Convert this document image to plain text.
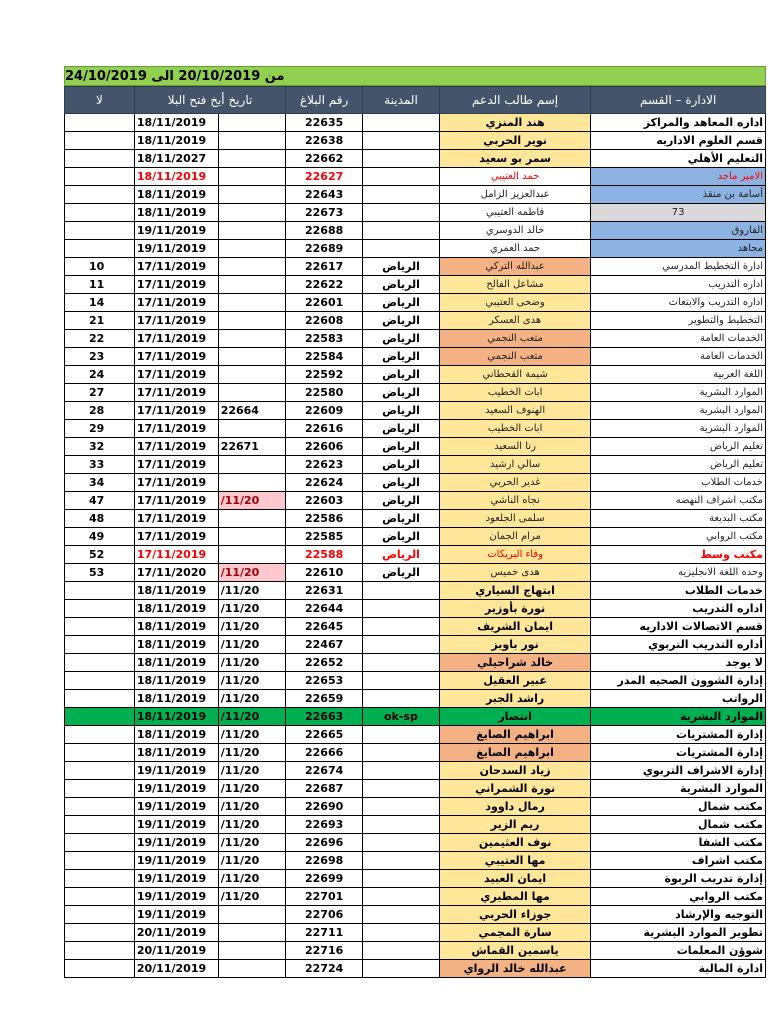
من 20/10/2019 الى 24/10/2019
لا	تاريخ أيخ فتح البلا		رقم البلاغ	المدينة	إسم طالب الدعم	الادارة – القسم
	18/11/2019		22635		هند المنزي	اداره المعاهد والمراكز
	18/11/2019		22638		نوير الحربي	قسم العلوم الاداريه
	18/11/2027		22662		سمر بو سعيد	التعليم الأهلي
	18/11/2019		22627		حمد العتيبي	الامير ماجد
	18/11/2019		22643		عبدالعزيز الزامل	أسامة بن منقذ
	18/11/2019		22673		فاطمه العتيبي	73
	19/11/2019		22688		خالد الدوسري	الفاروق
	19/11/2019		22689		حمد العمري	مجاهد
10	17/11/2019		22617	الرياض	عبدالله التركي	ادارة التخطيط المدرسي
11	17/11/2019		22622	الرياض	مشاعل الفالح	اداره التدريب
14	17/11/2019		22601	الرياض	وضحى العتيبي	اداره التدريب والابتعاث
21	17/11/2019		22608	الرياض	هدى العسكر	التخطيط والتطوير
22	17/11/2019		22583	الرياض	متعب النجمي	الخدمات العامة
23	17/11/2019		22584	الرياض	متعب النجمي	الخدمات العامة
24	17/11/2019		22592	الرياض	شيمة القحطاني	اللغة العربية
27	17/11/2019		22580	الرياض	ابات الخطيب	الموارد البشرية
28	17/11/2019	22664	22609	الرياض	الهنوف السعيد	الموارد البشرية
29	17/11/2019		22616	الرياض	ابات الخطيب	الموارد البشرية
32	17/11/2019	22671	22606	الرياض	رنا السعيد	تعليم الرياض
33	17/11/2019		22623	الرياض	سالي ارشيد	تعليم الرياض
34	17/11/2019		22624	الرياض	غدير الحربي	خدمات الطلاب
47	17/11/2019	/11/20	22603	الرياض	نجاه الناشي	مكتب اشراف النهضه
48	17/11/2019		22586	الرياض	سلمى الجلعود	مكتب البديعة
49	17/11/2019		22585	الرياض	مرام الجمان	مكتب الروابي
52	17/11/2019		22588	الرياض	وفاء البريكات	مكتب وسط
53	17/11/2020	/11/20	22610	الرياض	هدى خميس	وحده اللغة الانجليزيه
	18/11/2019	/11/20	22631		ابتهاج السياري	خدمات الطلاب
	18/11/2019	/11/20	22644		نورة بأوزير	اداره التدريب
	18/11/2019	/11/20	22645		ايمان الشريف	قسم الاتصالات الاداريه
	18/11/2019	/11/20	22467		نور باويز	أداره التدريب التربوي
	18/11/2019	/11/20	22652		خالد شراحيلي	لا يوجد
	18/11/2019	/11/20	22653		عبير العقيل	إدارة الشوون الصحيه المدر
	18/11/2019	/11/20	22659		راشد الجبر	الرواتب
	18/11/2019	/11/20	22663	ok-sp	انتصار	الموارد البشرية
	18/11/2019	/11/20	22665		ابراهيم الصايغ	إدارة المشتريات
	18/11/2019	/11/20	22666		ابراهيم الصايغ	إدارة المشتريات
	19/11/2019	/11/20	22674		زياد السدحان	إدارة الاشراف التربوي
	19/11/2019	/11/20	22687		نورة الشمراني	الموارد البشرية
	19/11/2019	/11/20	22690		رمال داوود	مكتب شمال
	19/11/2019	/11/20	22693		ريم الزير	مكتب شمال
	19/11/2019	/11/20	22696		نوف العثيمين	مكتب الشفا
	19/11/2019	/11/20	22698		مها العتيبي	مكتب اشراف
	19/11/2019	/11/20	22699		ايمان العبيد	إدارة تدريب الربوة
	19/11/2019	/11/20	22701		مها المطيري	مكتب الروابي
	19/11/2019		22706		جوزاء الحربي	التوجيه والإرشاد
	20/11/2019		22711		سارة المجمي	تطوير الموارد البشرية
	20/11/2019		22716		ياسمين القماش	شوؤن المعلمات
	20/11/2019		22724		عبدالله خالد الرواي	ادارة المالية
